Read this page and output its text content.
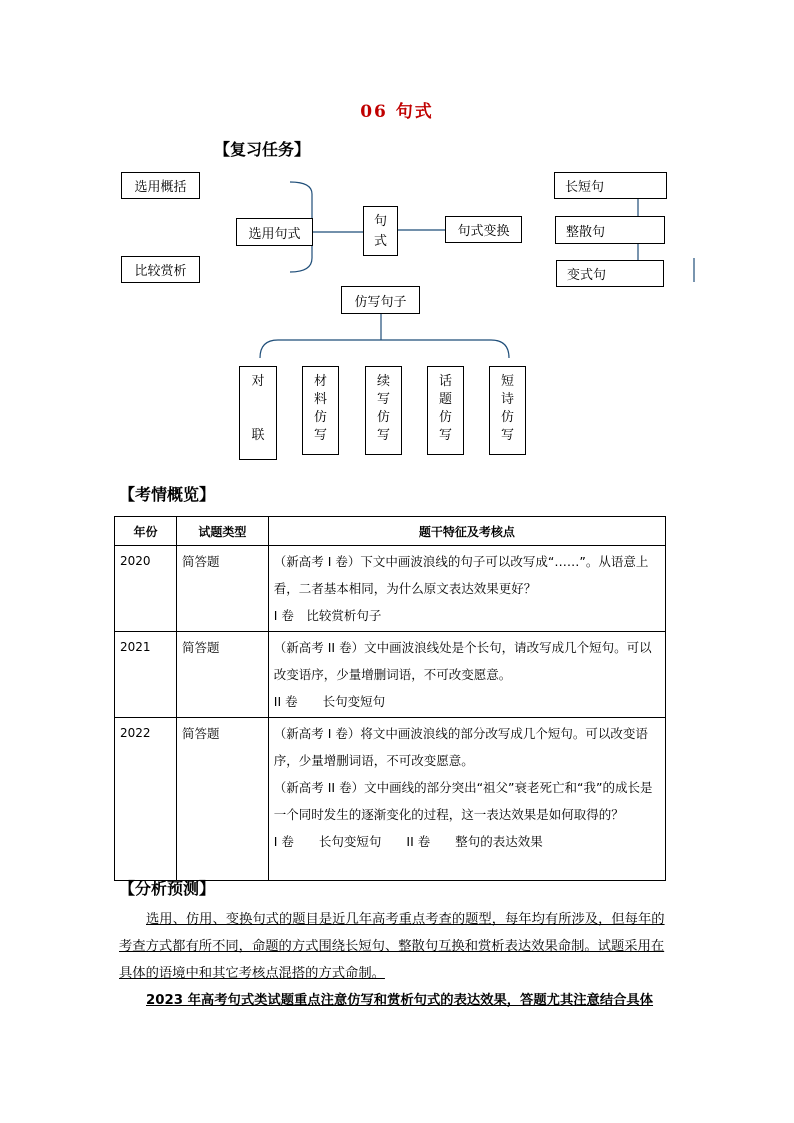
06 句式
【复习任务】
选用概括
比较赏析
选用句式
句
式
句式变换
长短句
整散句
变式句
仿写句子
对
联
材
料
仿
写
续
写
仿
写
话
题
仿
写
短
诗
仿
写
【考情概览】
年份	试题类型	题干特征及考核点
2020	简答题	（新高考 I 卷）下文中画波浪线的句子可以改写成“……”。从语意上看，二者基本相同，为什么原文表达效果更好？
I 卷　比较赏析句子

2021	简答题	（新高考 II 卷）文中画波浪线处是个长句，请改写成几个短句。可以改变语序，少量增删词语，不可改变愿意。
II 卷　　长句变短句

2022	简答题	（新高考 I 卷）将文中画波浪线的部分改写成几个短句。可以改变语序，少量增删词语，不可改变愿意。
（新高考 II 卷）文中画线的部分突出“祖父”衰老死亡和“我”的成长是一个同时发生的逐渐变化的过程，这一表达效果是如何取得的？
I 卷　　长句变短句　　II 卷　　整句的表达效果
【分析预测】
选用、仿用、变换句式的题目是近几年高考重点考查的题型，每年均有所涉及，但每年的考查方式都有所不同，命题的方式围绕长短句、整散句互换和赏析表达效果命制。试题采用在具体的语境中和其它考核点混搭的方式命制。
2023 年高考句式类试题重点注意仿写和赏析句式的表达效果，答题尤其注意结合具体
